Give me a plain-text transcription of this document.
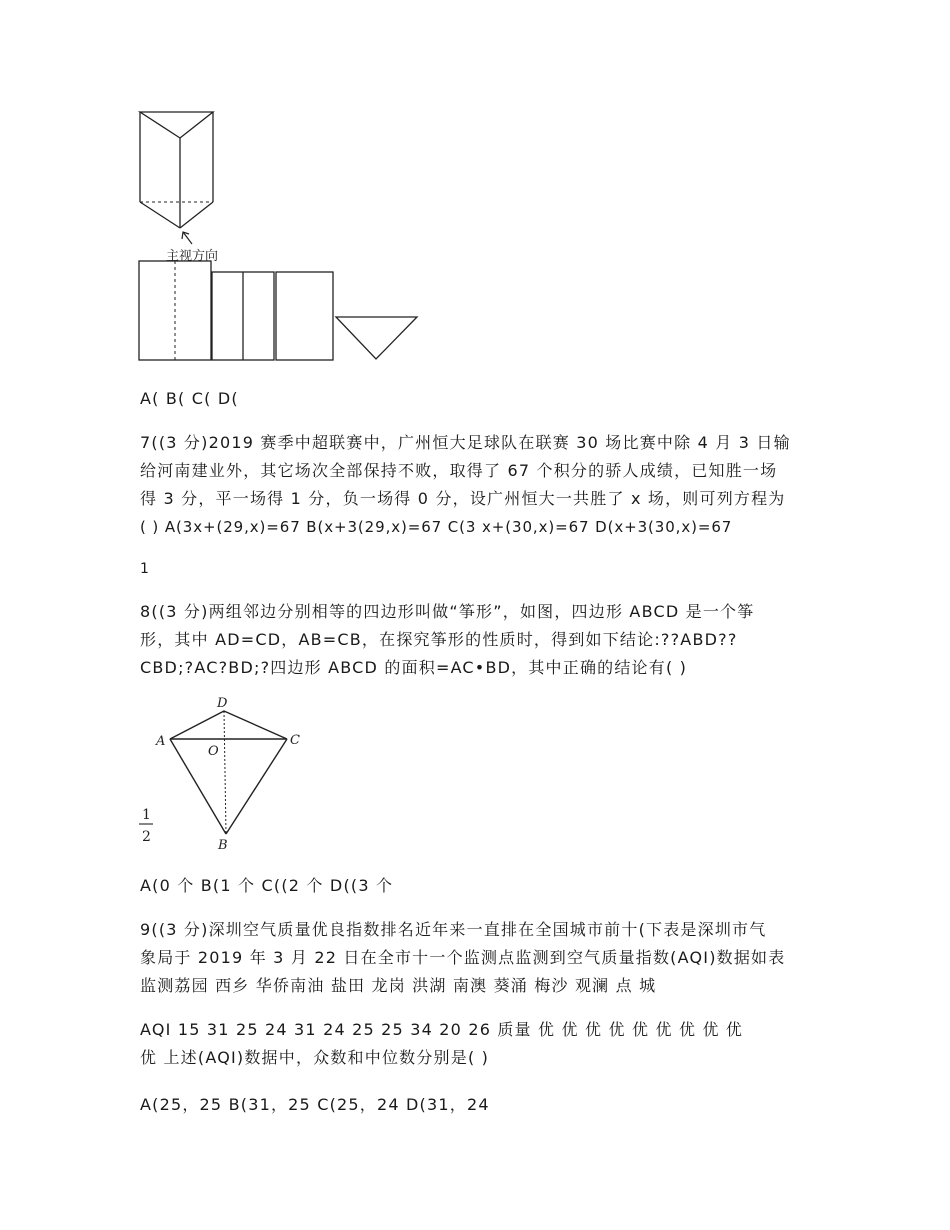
主视方向
A( B( C( D(
7((3 分)2019 赛季中超联赛中，广州恒大足球队在联赛 30 场比赛中除 4 月 3 日输
给河南建业外，其它场次全部保持不败，取得了 67 个积分的骄人成绩，已知胜一场
得 3 分，平一场得 1 分，负一场得 0 分，设广州恒大一共胜了 x 场，则可列方程为
( ) A(3x+(29,x)=67 B(x+3(29,x)=67 C(3 x+(30,x)=67 D(x+3(30,x)=67
1
8((3 分)两组邻边分别相等的四边形叫做“筝形”，如图，四边形 ABCD 是一个筝
形，其中 AD=CD，AB=CB，在探究筝形的性质时，得到如下结论:??ABD??
CBD;?AC?BD;?四边形 ABCD 的面积=AC•BD，其中正确的结论有( )
D
A
O
C
B
1
2
A(0 个 B(1 个 C((2 个 D((3 个
9((3 分)深圳空气质量优良指数排名近年来一直排在全国城市前十(下表是深圳市气
象局于 2019 年 3 月 22 日在全市十一个监测点监测到空气质量指数(AQI)数据如表
监测荔园 西乡 华侨南油 盐田 龙岗 洪湖 南澳 葵涌 梅沙 观澜 点 城
AQI 15 31 25 24 31 24 25 25 34 20 26 质量 优 优 优 优 优 优 优 优 优
优 上述(AQI)数据中，众数和中位数分别是( )
A(25，25 B(31，25 C(25，24 D(31，24
